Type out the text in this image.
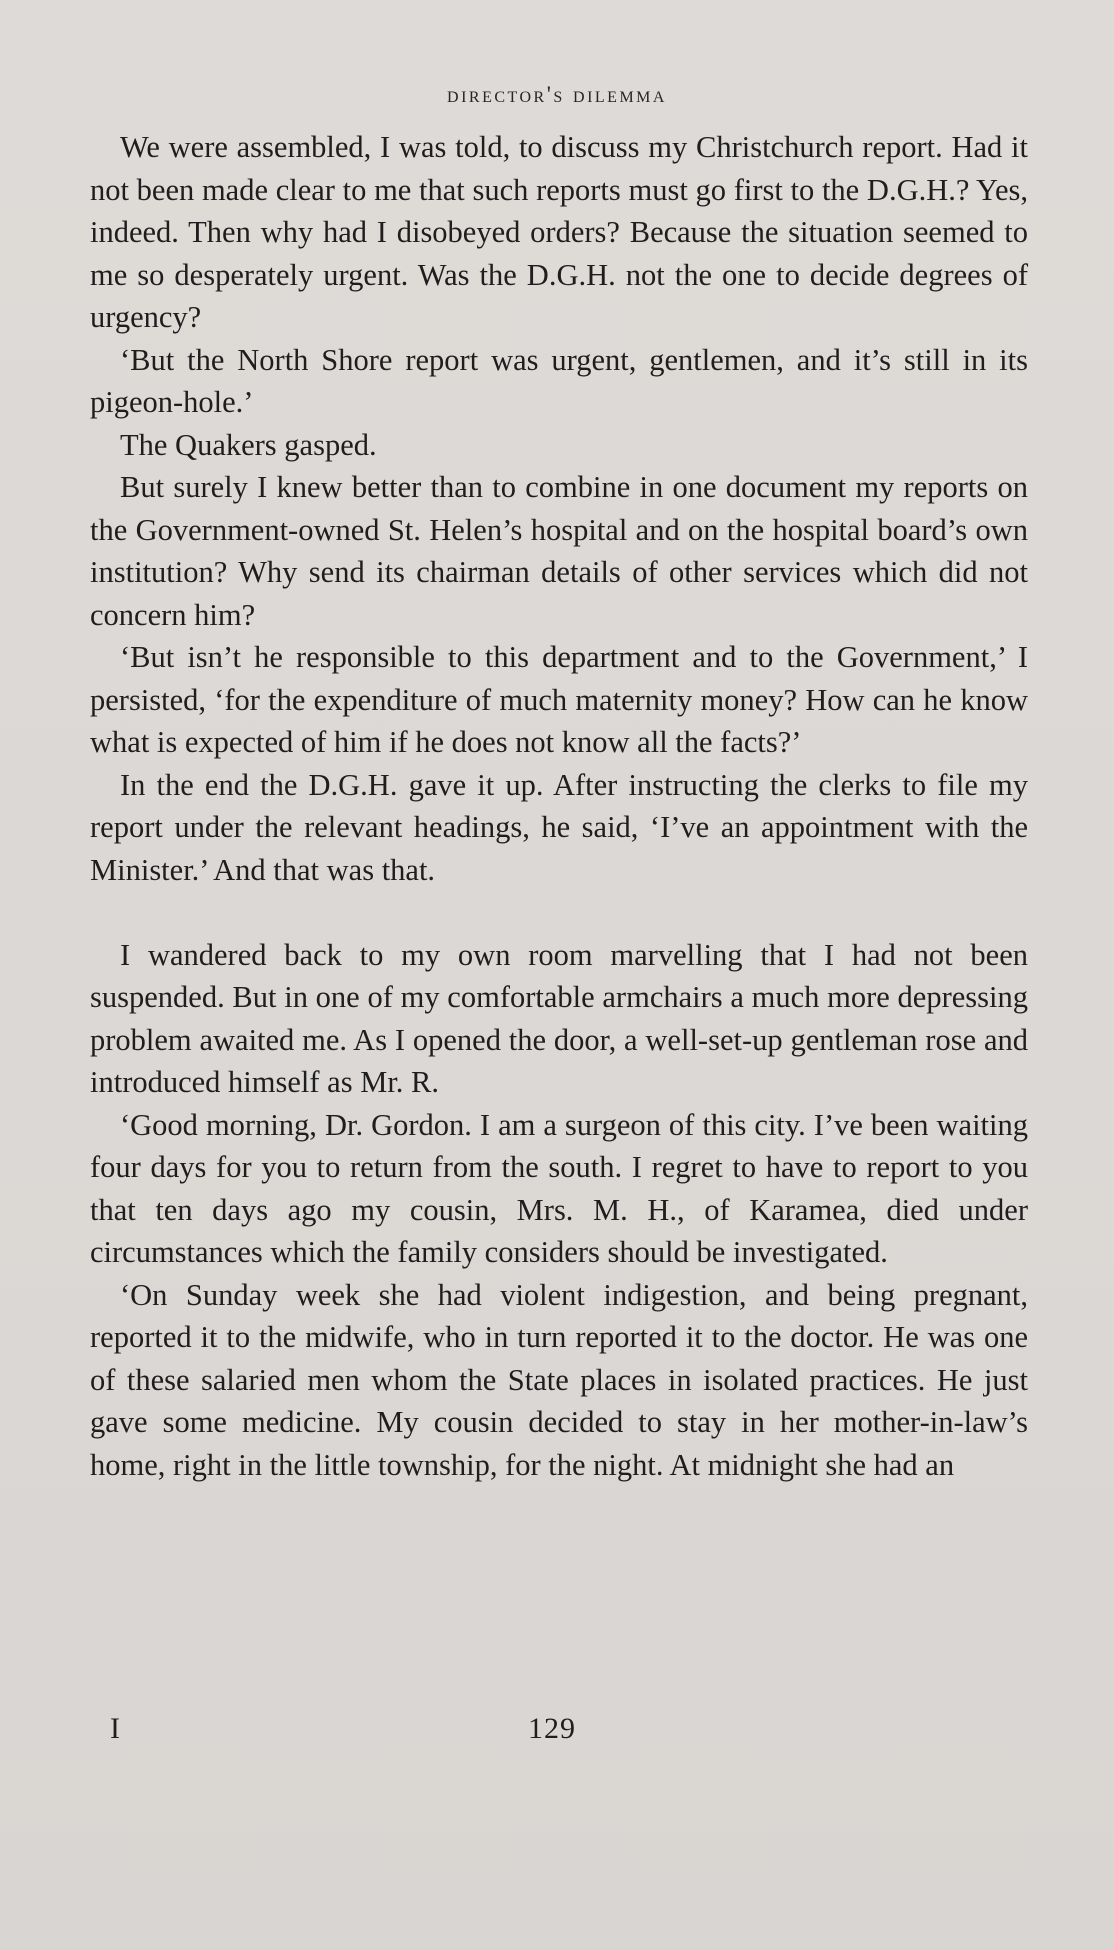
director's dilemma

We were assembled, I was told, to discuss my Christchurch report. Had it not been made clear to me that such reports must go first to the D.G.H.? Yes, indeed. Then why had I disobeyed orders? Because the situation seemed to me so desperately urgent. Was the D.G.H. not the one to decide degrees of urgency?

‘But the North Shore report was urgent, gentlemen, and it’s still in its pigeon-hole.’

The Quakers gasped.

But surely I knew better than to combine in one document my reports on the Government-owned St. Helen’s hospital and on the hospital board’s own institution? Why send its chairman details of other services which did not concern him?

‘But isn’t he responsible to this department and to the Government,’ I persisted, ‘for the expenditure of much maternity money? How can he know what is expected of him if he does not know all the facts?’

In the end the D.G.H. gave it up. After instructing the clerks to file my report under the relevant headings, he said, ‘I’ve an appointment with the Minister.’ And that was that.

I wandered back to my own room marvelling that I had not been suspended. But in one of my comfortable armchairs a much more depressing problem awaited me. As I opened the door, a well-set-up gentleman rose and introduced himself as Mr. R.

‘Good morning, Dr. Gordon. I am a surgeon of this city. I’ve been waiting four days for you to return from the south. I regret to have to report to you that ten days ago my cousin, Mrs. M. H., of Karamea, died under circumstances which the family considers should be investigated.

‘On Sunday week she had violent indigestion, and being pregnant, reported it to the midwife, who in turn reported it to the doctor. He was one of these salaried men whom the State places in isolated practices. He just gave some medicine. My cousin decided to stay in her mother-in-law’s home, right in the little township, for the night. At midnight she had an

I	129
